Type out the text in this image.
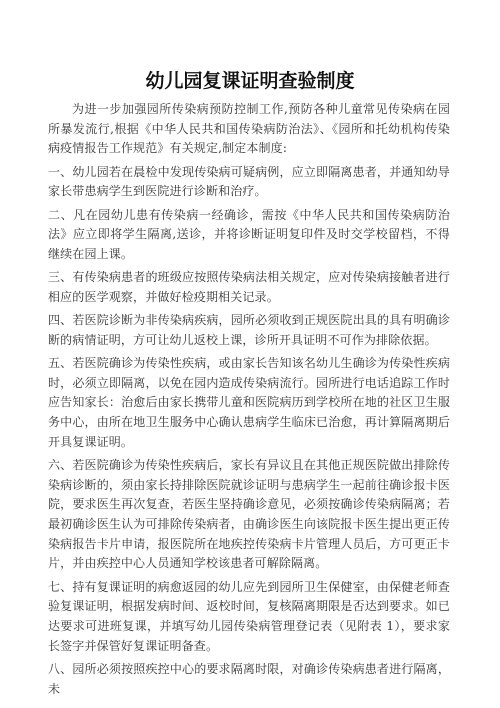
幼儿园复课证明查验制度

为进一步加强园所传染病预防控制工作,预防各种儿童常见传染病在园所暴发流行,根据《中华人民共和国传染病防治法》、《园所和托幼机构传染病疫情报告工作规范》有关规定,制定本制度:

一、幼儿园若在晨检中发现传染病可疑病例，应立即隔离患者，并通知幼导家长带患病学生到医院进行诊断和治疗。

二、凡在园幼儿患有传染病一经确诊，需按《中华人民共和国传染病防治法》应立即将学生隔离,送诊，并将诊断证明复印件及时交学校留档，不得继续在园上课。

三、有传染病患者的班级应按照传染病法相关规定，应对传染病接触者进行相应的医学观察，并做好检疫期相关记录。

四、若医院诊断为非传染病疾病，园所必须收到正规医院出具的具有明确诊断的病情证明，方可让幼儿返校上课，诊所开具证明不可作为排除依据。

五、若医院确诊为传染性疾病，或由家长告知该名幼儿生确诊为传染性疾病时，必须立即隔离，以免在园内造成传染病流行。园所进行电话追踪工作时应告知家长：治愈后由家长携带儿童和医院病历到学校所在地的社区卫生服务中心，由所在地卫生服务中心确认患病学生临床已治愈，再计算隔离期后开具复课证明。

六、若医院确诊为传染性疾病后，家长有异议且在其他正规医院做出排除传染病诊断的，须由家长持排除医院就诊证明与患病学生一起前往确诊报卡医院，要求医生再次复查，若医生坚持确诊意见，必须按确诊传染病隔离；若最初确诊医生认为可排除传染病者，由确诊医生向该院报卡医生提出更正传染病报告卡片申请，报医院所在地疾控传染病卡片管理人员后，方可更正卡片，并由疾控中心人员通知学校该患者可解除隔离。

七、持有复课证明的病愈返园的幼儿应先到园所卫生保健室，由保健老师查验复课证明，根据发病时间、返校时间，复核隔离期限是否达到要求。如已达要求可进班复课，并填写幼儿园传染病管理登记表（见附表 1），要求家长签字并保管好复课证明备查。

八、园所必须按照疾控中心的要求隔离时限，对确诊传染病患者进行隔离，未
